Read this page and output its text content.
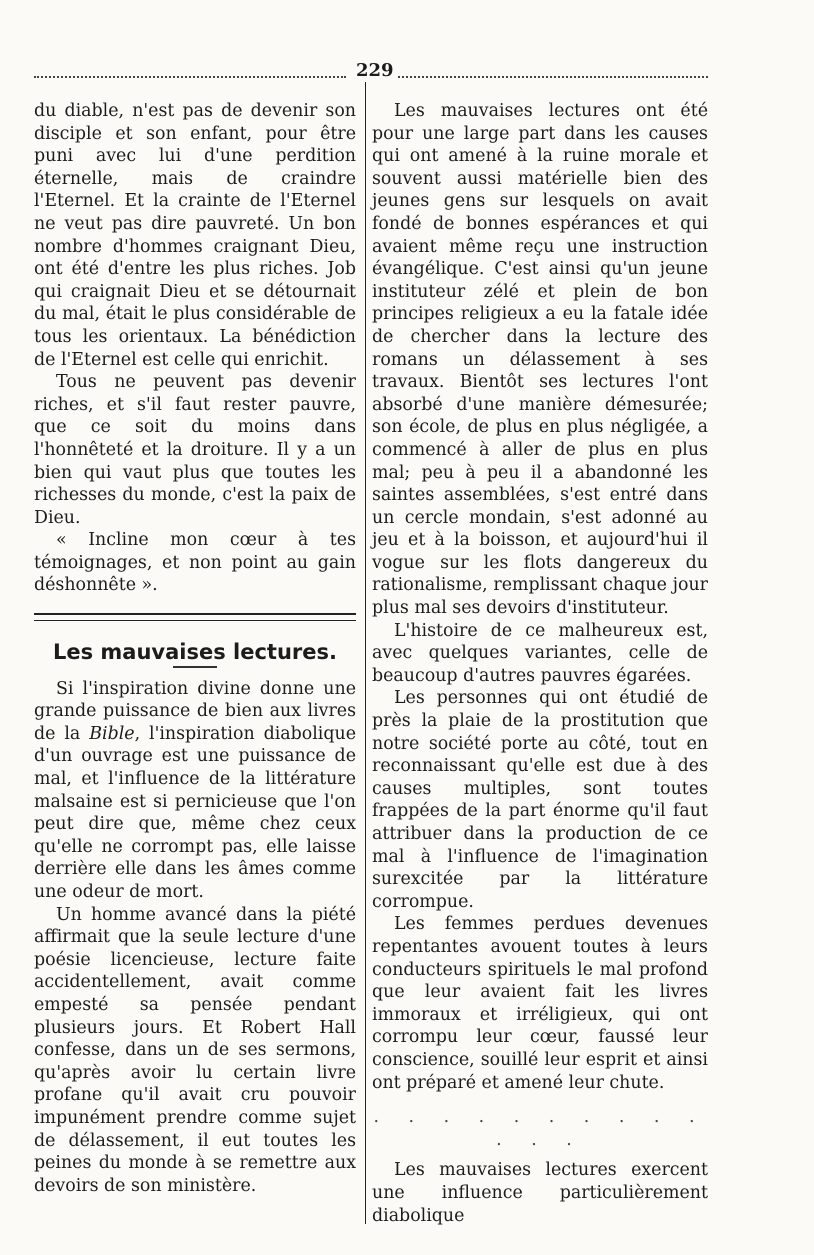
229

du diable, n'est pas de devenir son disciple et son enfant, pour être puni avec lui d'une perdition éternelle, mais de craindre l'Eternel. Et la crainte de l'Eternel ne veut pas dire pauvreté. Un bon nombre d'hommes craignant Dieu, ont été d'entre les plus riches. Job qui craignait Dieu et se détournait du mal, était le plus considérable de tous les orientaux. La bénédiction de l'Eternel est celle qui enrichit.

Tous ne peuvent pas devenir riches, et s'il faut rester pauvre, que ce soit du moins dans l'honnêteté et la droiture. Il y a un bien qui vaut plus que toutes les richesses du monde, c'est la paix de Dieu.

« Incline mon cœur à tes témoignages, et non point au gain déshonnête ».

Les mauvaises lectures.

Si l'inspiration divine donne une grande puissance de bien aux livres de la Bible, l'inspiration diabolique d'un ouvrage est une puissance de mal, et l'influence de la littérature malsaine est si pernicieuse que l'on peut dire que, même chez ceux qu'elle ne corrompt pas, elle laisse derrière elle dans les âmes comme une odeur de mort.

Un homme avancé dans la piété affirmait que la seule lecture d'une poésie licencieuse, lecture faite accidentellement, avait comme empesté sa pensée pendant plusieurs jours. Et Robert Hall confesse, dans un de ses sermons, qu'après avoir lu certain livre profane qu'il avait cru pouvoir impunément prendre comme sujet de délassement, il eut toutes les peines du monde à se remettre aux devoirs de son ministère.

Les mauvaises lectures ont été pour une large part dans les causes qui ont amené à la ruine morale et souvent aussi matérielle bien des jeunes gens sur lesquels on avait fondé de bonnes espérances et qui avaient même reçu une instruction évangélique. C'est ainsi qu'un jeune instituteur zélé et plein de bon principes religieux a eu la fatale idée de chercher dans la lecture des romans un délassement à ses travaux. Bientôt ses lectures l'ont absorbé d'une manière démesurée; son école, de plus en plus négligée, a commencé à aller de plus en plus mal; peu à peu il a abandonné les saintes assemblées, s'est entré dans un cercle mondain, s'est adonné au jeu et à la boisson, et aujourd'hui il vogue sur les flots dangereux du rationalisme, remplissant chaque jour plus mal ses devoirs d'instituteur.

L'histoire de ce malheureux est, avec quelques variantes, celle de beaucoup d'autres pauvres égarées.

Les personnes qui ont étudié de près la plaie de la prostitution que notre société porte au côté, tout en reconnaissant qu'elle est due à des causes multiples, sont toutes frappées de la part énorme qu'il faut attribuer dans la production de ce mal à l'influence de l'imagination surexcitée par la littérature corrompue.

Les femmes perdues devenues repentantes avouent toutes à leurs conducteurs spirituels le mal profond que leur avaient fait les livres immoraux et irréligieux, qui ont corrompu leur cœur, faussé leur conscience, souillé leur esprit et ainsi ont préparé et amené leur chute.

. . . . . . . . . . . . .

Les mauvaises lectures exercent une influence particulièrement diabolique
